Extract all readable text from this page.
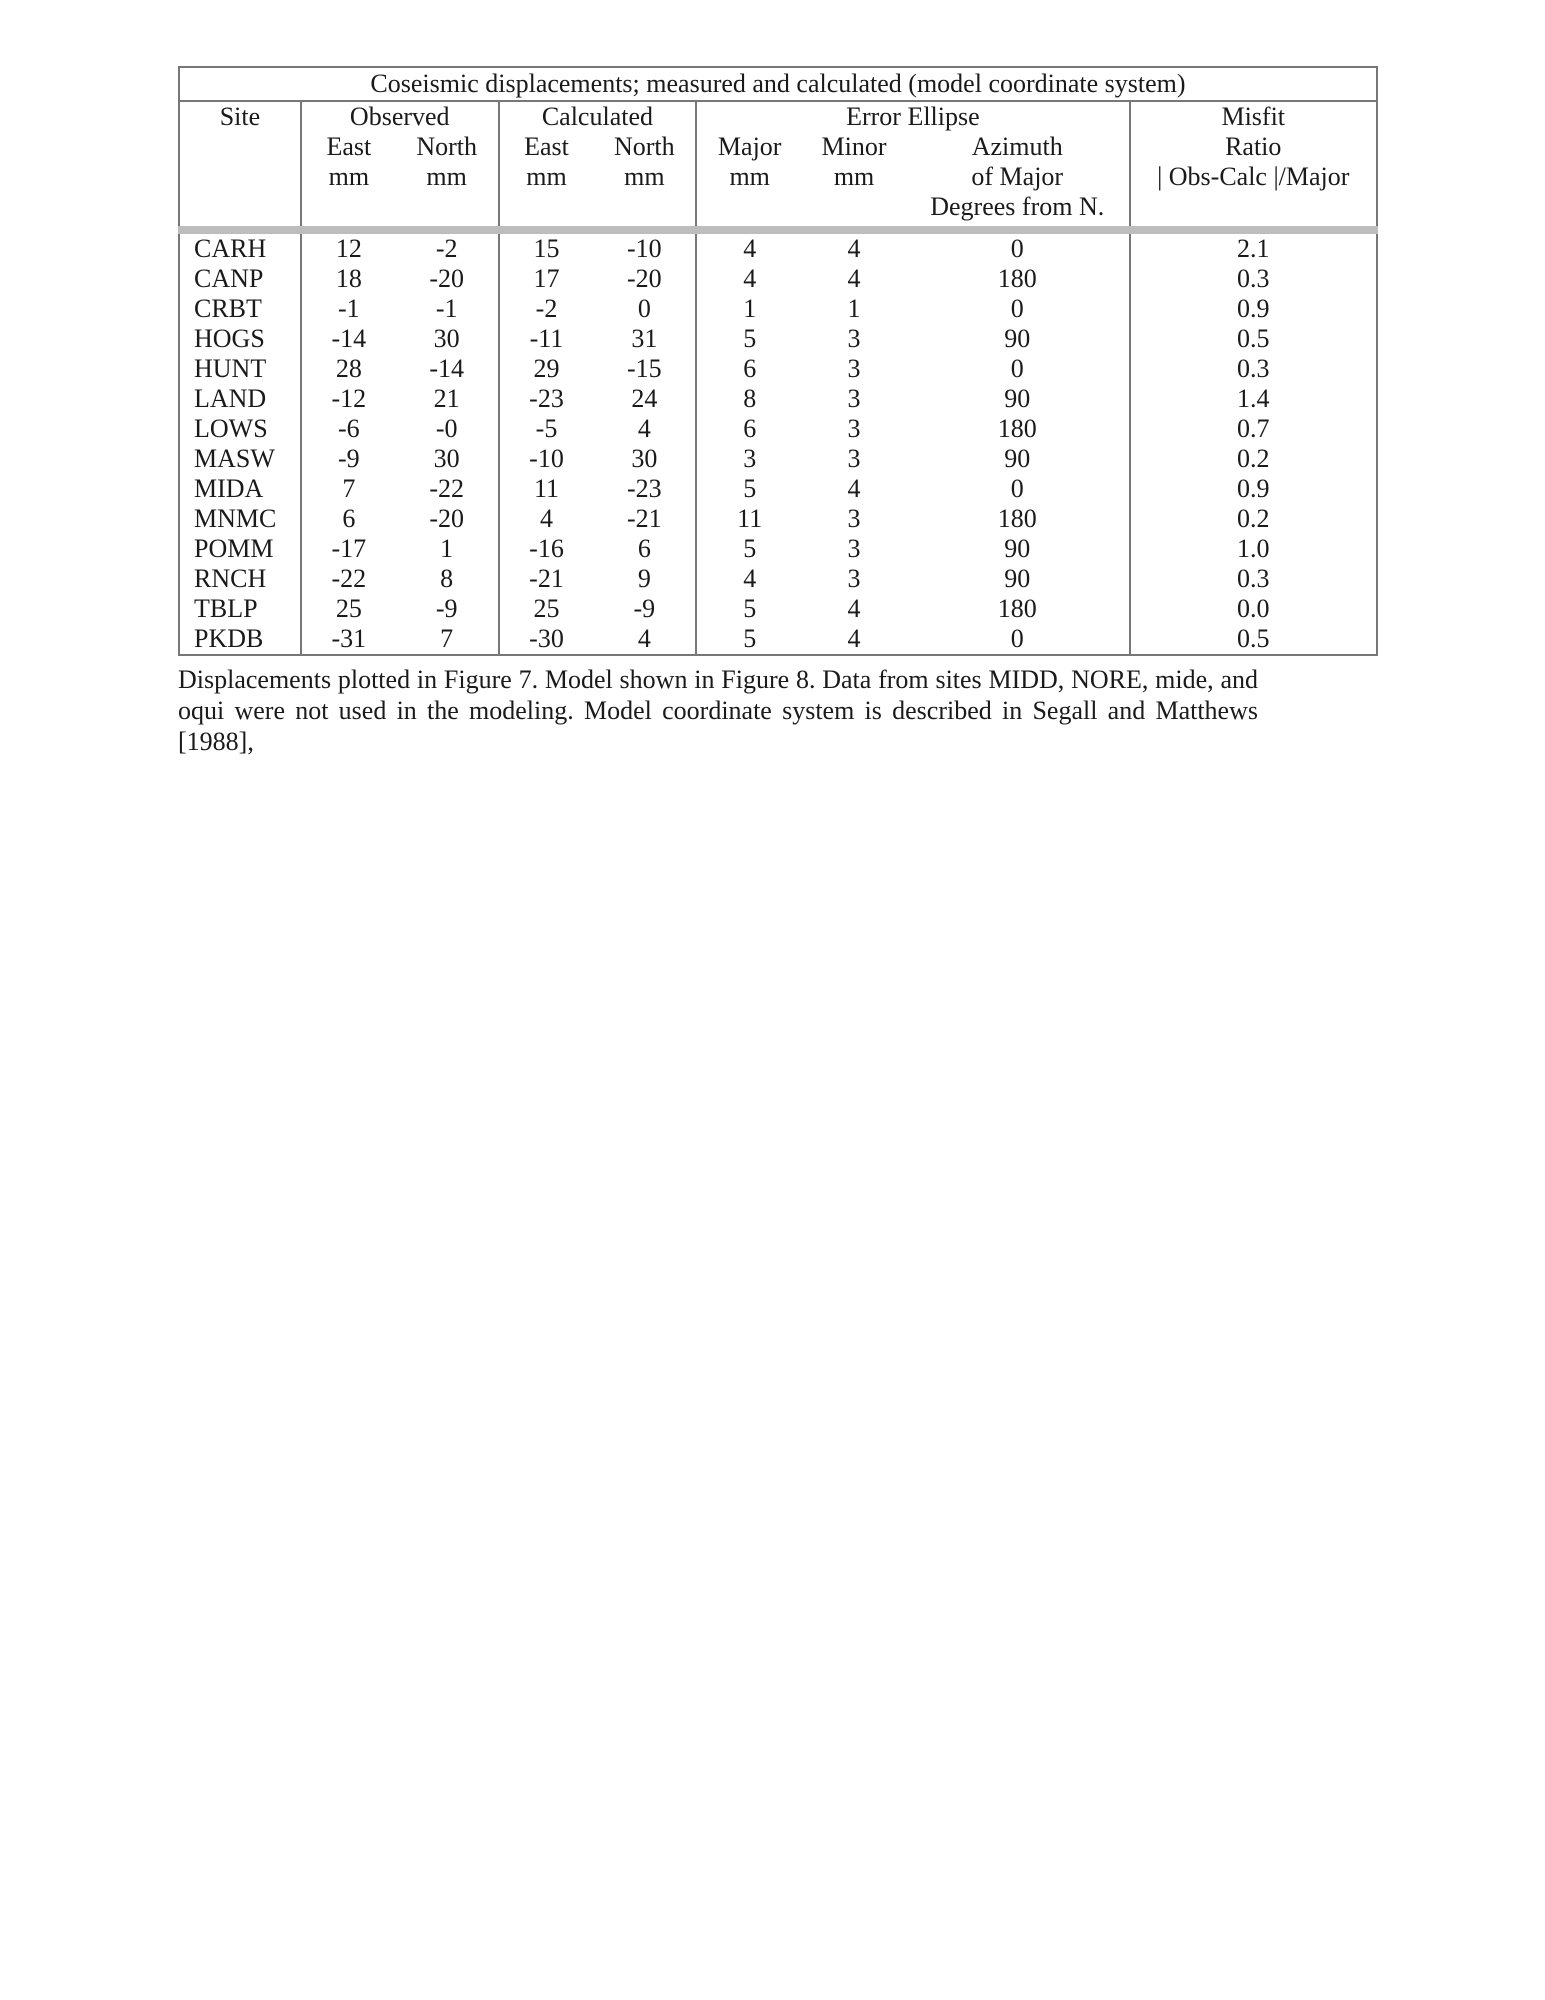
Coseismic displacements; measured and calculated (model coordinate system)								
Site	Observed		Calculated		Error Ellipse			Misfit
	East	North	East	North	Major	Minor	Azimuth	Ratio
	mm	mm	mm	mm	mm	mm	of Major	| Obs-Calc |/Major
							Degrees from N.	

CARH	12	-2	15	-10	4	4	0	2.1
CANP	18	-20	17	-20	4	4	180	0.3
CRBT	-1	-1	-2	0	1	1	0	0.9
HOGS	-14	30	-11	31	5	3	90	0.5
HUNT	28	-14	29	-15	6	3	0	0.3
LAND	-12	21	-23	24	8	3	90	1.4
LOWS	-6	-0	-5	4	6	3	180	0.7
MASW	-9	30	-10	30	3	3	90	0.2
MIDA	7	-22	11	-23	5	4	0	0.9
MNMC	6	-20	4	-21	11	3	180	0.2
POMM	-17	1	-16	6	5	3	90	1.0
RNCH	-22	8	-21	9	4	3	90	0.3
TBLP	25	-9	25	-9	5	4	180	0.0
PKDB	-31	7	-30	4	5	4	0	0.5

Displacements plotted in Figure 7. Model shown in Figure 8. Data from sites MIDD, NORE, mide, and oqui were not used in the modeling. Model coordinate system is described in Segall and Matthews [1988],
